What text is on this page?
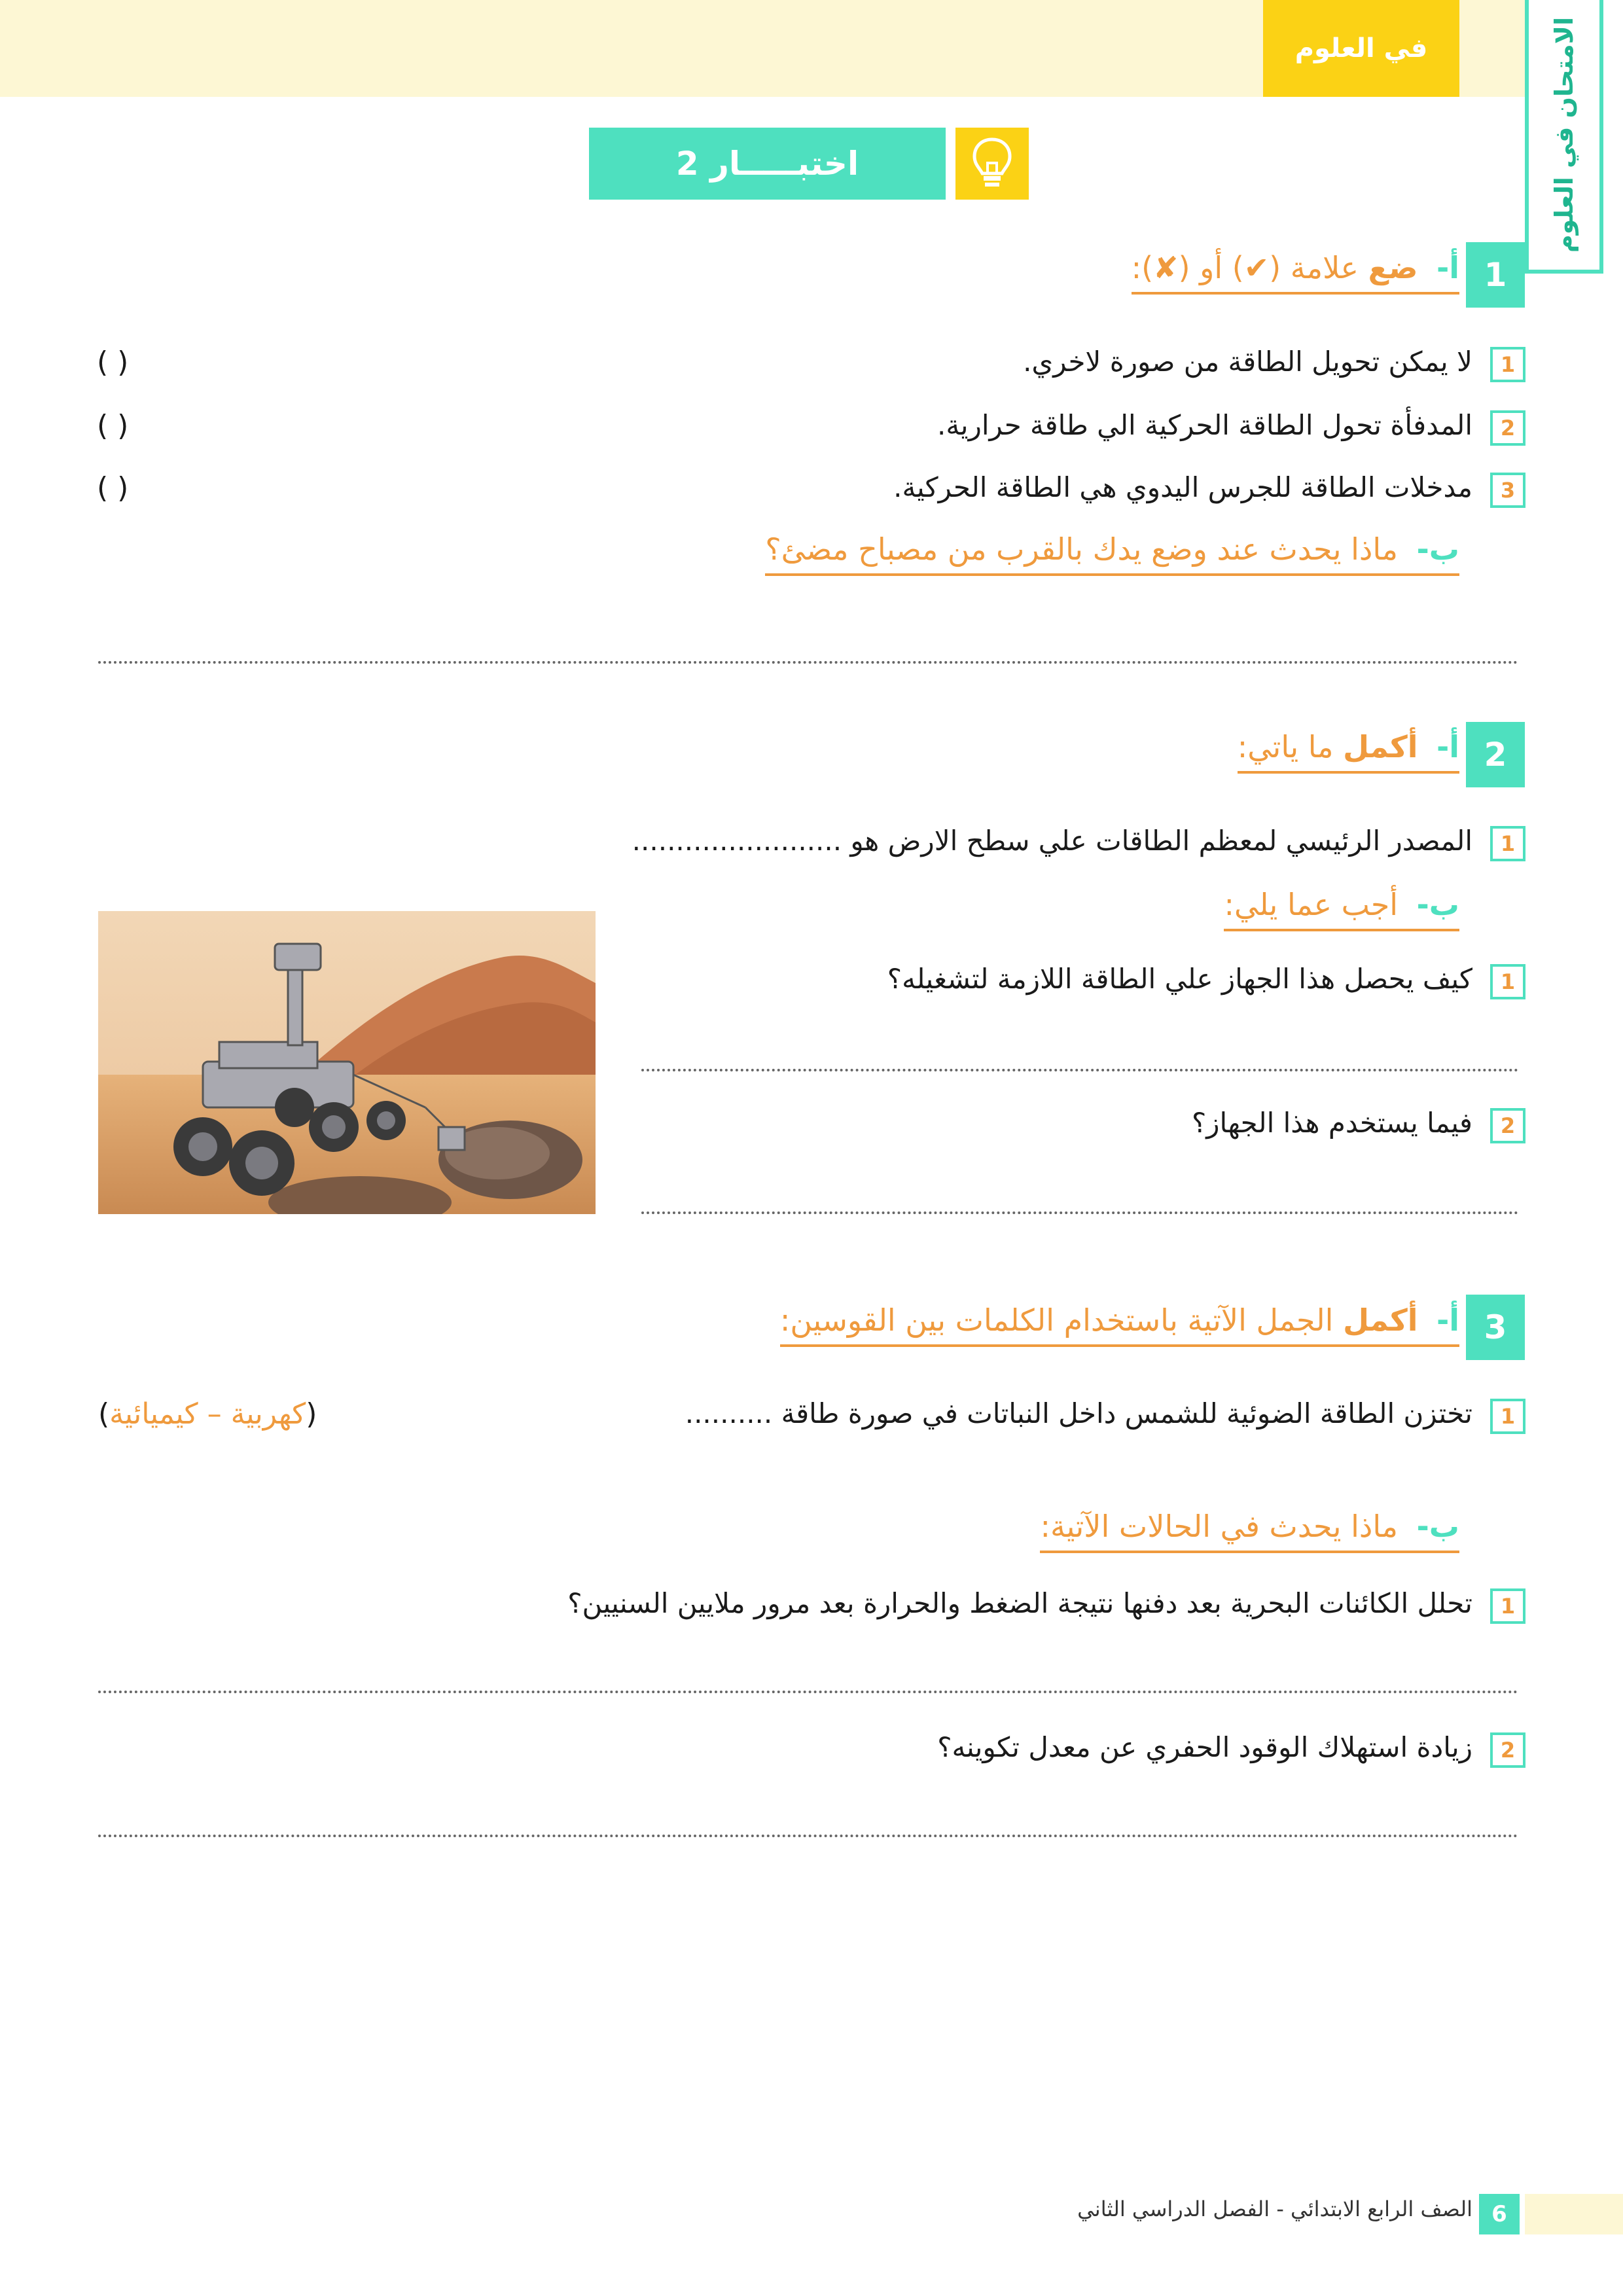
في العلوم	الامتحان في العلوم
اختبـــــار 2
1
أ- ضع علامة (✔) أو (✘):
1
لا يمكن تحويل الطاقة من صورة لاخري.
( )
2
المدفأة تحول الطاقة الحركية الي طاقة حرارية.
( )
3
مدخلات الطاقة للجرس اليدوي هي الطاقة الحركية.
( )
ب- ماذا يحدث عند وضع يدك بالقرب من مصباح مضئ؟
2
أ- أكمل ما ياتي:
1
المصدر الرئيسي لمعظم الطاقات علي سطح الارض هو ........................
ب- أجب عما يلي:
1
كيف يحصل هذا الجهاز علي الطاقة اللازمة لتشغيله؟
2
فيما يستخدم هذا الجهاز؟
3
أ- أكمل الجمل الآتية باستخدام الكلمات بين القوسين:
1
تختزن الطاقة الضوئية للشمس داخل النباتات في صورة طاقة ..........
(كهربية – كيميائية)
ب- ماذا يحدث في الحالات الآتية:
1
تحلل الكائنات البحرية بعد دفنها نتيجة الضغط والحرارة بعد مرور ملايين السنيين؟
2
زيادة استهلاك الوقود الحفري عن معدل تكوينه؟
6
الصف الرابع الابتدائي - الفصل الدراسي الثاني
